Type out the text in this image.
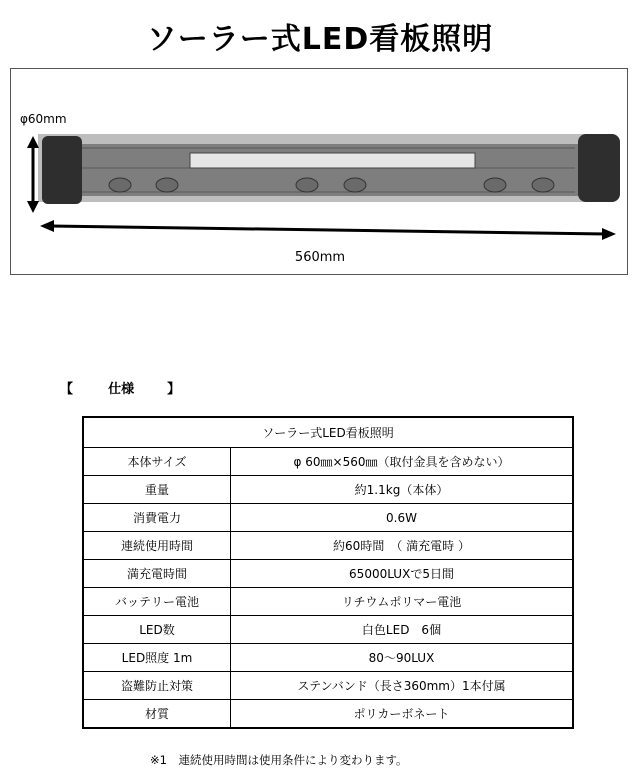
ソーラー式LED看板照明
φ60mm
560mm
【	仕様	】
ソーラー式LED看板照明	
本体サイズ	φ 60㎜×560㎜（取付金具を含めない）
重量	約1.1kg（本体）
消費電力	0.6W
連続使用時間	約60時間　（ 満充電時 ）
満充電時間	65000LUXで5日間
バッテリー電池	リチウムポリマー電池
LED数	白色LED　6個
LED照度 1m	80〜90LUX
盗難防止対策	ステンバンド（長さ360mm）1本付属
材質	ポリカーボネート
※1　連続使用時間は使用条件により変わります。
